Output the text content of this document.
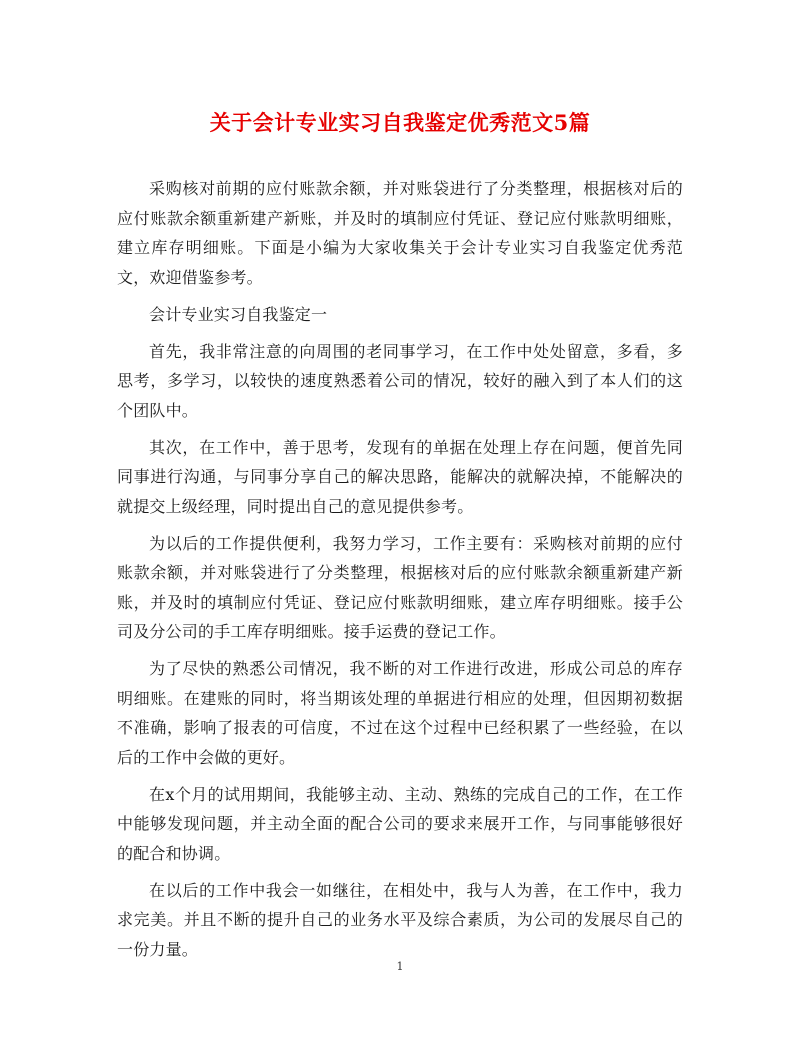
关于会计专业实习自我鉴定优秀范文5篇

采购核对前期的应付账款余额，并对账袋进行了分类整理，根据核对后的应付账款余额重新建产新账，并及时的填制应付凭证、登记应付账款明细账，建立库存明细账。下面是小编为大家收集关于会计专业实习自我鉴定优秀范文，欢迎借鉴参考。

会计专业实习自我鉴定一

首先，我非常注意的向周围的老同事学习，在工作中处处留意，多看，多思考，多学习，以较快的速度熟悉着公司的情况，较好的融入到了本人们的这个团队中。

其次，在工作中，善于思考，发现有的单据在处理上存在问题，便首先同同事进行沟通，与同事分享自己的解决思路，能解决的就解决掉，不能解决的就提交上级经理，同时提出自己的意见提供参考。

为以后的工作提供便利，我努力学习，工作主要有：采购核对前期的应付账款余额，并对账袋进行了分类整理，根据核对后的应付账款余额重新建产新账，并及时的填制应付凭证、登记应付账款明细账，建立库存明细账。接手公司及分公司的手工库存明细账。接手运费的登记工作。

为了尽快的熟悉公司情况，我不断的对工作进行改进，形成公司总的库存明细账。在建账的同时，将当期该处理的单据进行相应的处理，但因期初数据不准确，影响了报表的可信度，不过在这个过程中已经积累了一些经验，在以后的工作中会做的更好。

在x个月的试用期间，我能够主动、主动、熟练的完成自己的工作，在工作中能够发现问题，并主动全面的配合公司的要求来展开工作，与同事能够很好的配合和协调。

在以后的工作中我会一如继往，在相处中，我与人为善，在工作中，我力求完美。并且不断的提升自己的业务水平及综合素质，为公司的发展尽自己的一份力量。

1
